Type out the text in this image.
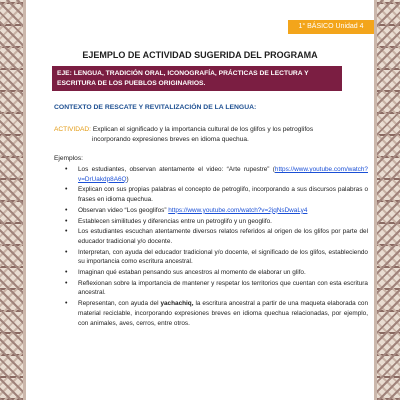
1° BÁSICO Unidad 4
EJEMPLO DE ACTIVIDAD SUGERIDA DEL PROGRAMA
EJE: LENGUA, TRADICIÓN ORAL, ICONOGRAFÍA, PRÁCTICAS DE LECTURA Y ESCRITURA DE LOS PUEBLOS ORIGINARIOS.
CONTEXTO DE RESCATE Y REVITALIZACIÓN DE LA LENGUA:
ACTIVIDAD: Explican el significado y la importancia cultural de los glifos y los petroglifos
incorporando expresiones breves en idioma quechua.
Ejemplos:
• Los estudiantes, observan atentamente el video: “Arte rupestre” (https://www.youtube.com/watch?v=DrUakdp8A6Q)
• Explican con sus propias palabras el concepto de petroglifo, incorporando a sus discursos palabras o frases en idioma quechua.
• Observan video “Los geoglifos” https://www.youtube.com/watch?v=2jqNsDwaLy4
• Establecen similitudes y diferencias entre un petroglifo y un geoglifo.
• Los estudiantes escuchan atentamente diversos relatos referidos al origen de los glifos por parte del educador tradicional y/o docente.
• Interpretan, con ayuda del educador tradicional y/o docente, el significado de los glifos, estableciendo su importancia como escritura ancestral.
• Imaginan qué estaban pensando sus ancestros al momento de elaborar un glifo.
• Reflexionan sobre la importancia de mantener y respetar los territorios que cuentan con esta escritura ancestral.
• Representan, con ayuda del yachachiq, la escritura ancestral a partir de una maqueta elaborada con material reciclable, incorporando expresiones breves en idioma quechua relacionadas, por ejemplo, con animales, aves, cerros, entre otros.
